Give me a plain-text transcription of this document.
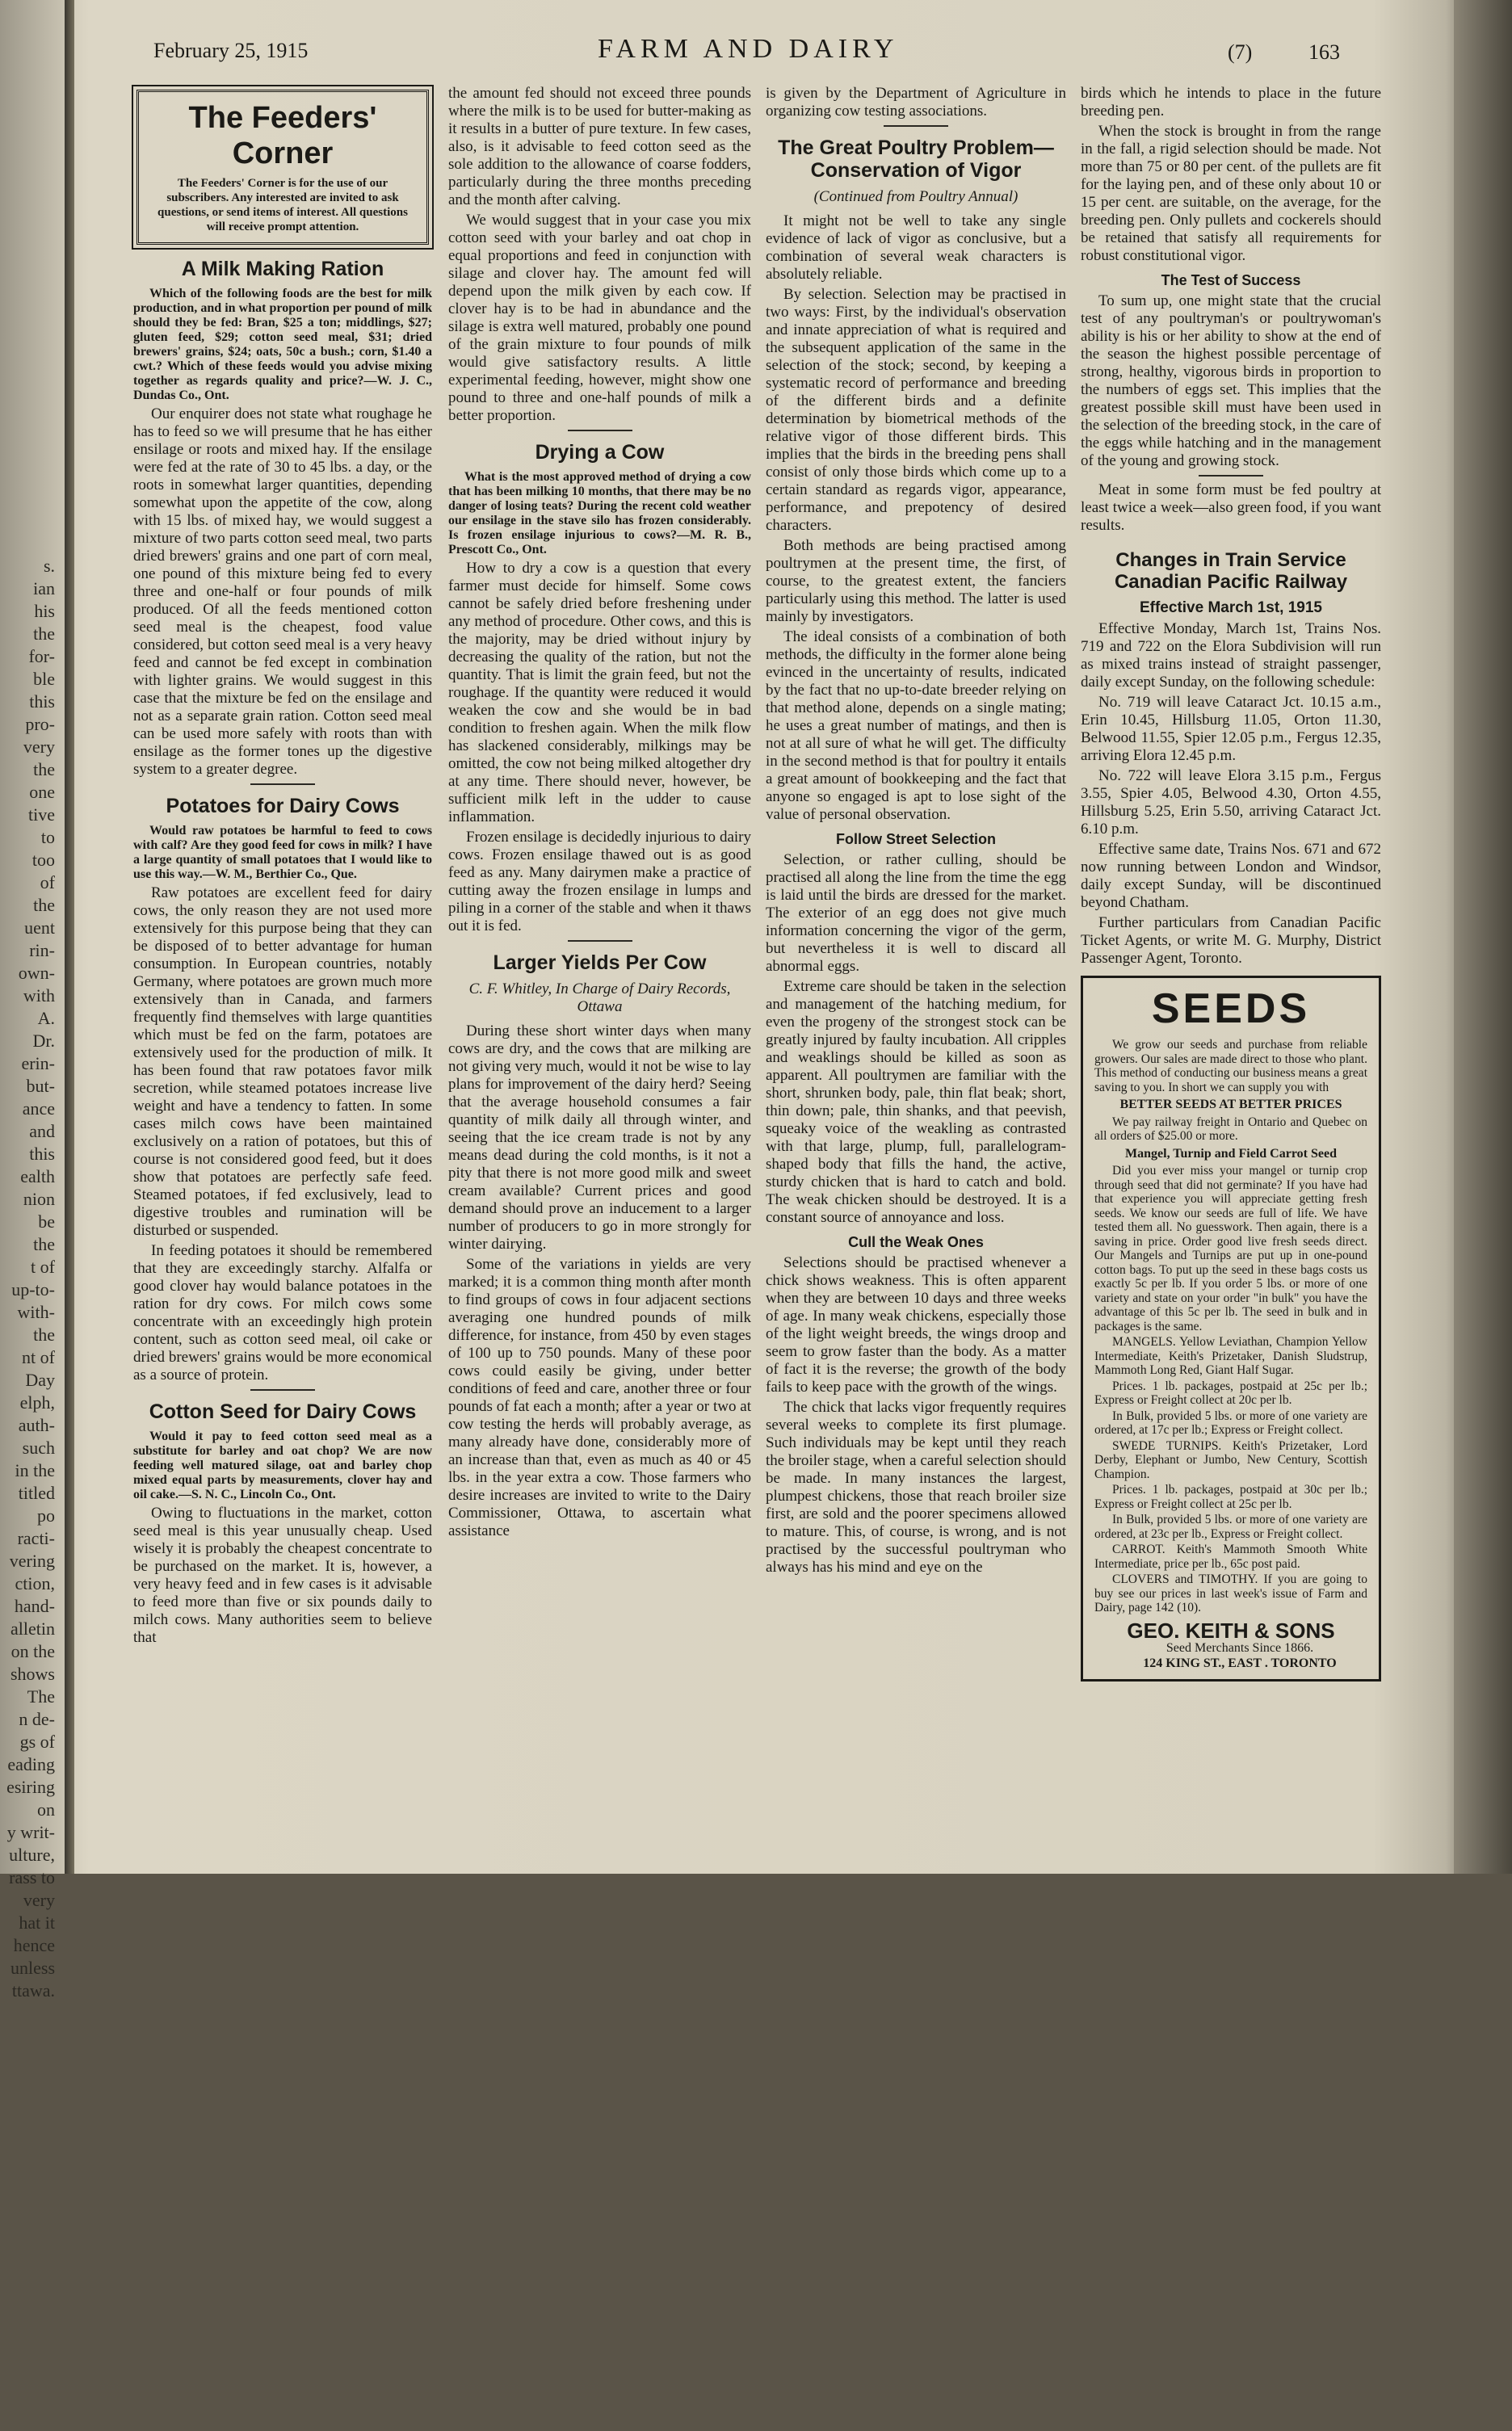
s.

ian

his

the

for-

ble

this

pro-

very

the

one

tive

to

too

of

the

uent

rin-

own-

with

A.

Dr.

erin-

but-

ance

and

this

ealth

nion

be

the

t of

up-to-

with-

the

nt of

Day

elph,

auth-

such

in the

titled

po

racti-

vering

ction,

hand-

alletin

on the

shows

The

n de-

gs of

eading

esiring

on

y writ-

ulture,

rass to

very

hat it

hence

unless

ttawa.

February 25, 1915	FARM AND DAIRY	(7)	163
The Feeders' Corner
The Feeders' Corner is for the use of our subscribers. Any interested are invited to ask questions, or send items of interest. All questions will receive prompt attention.
A Milk Making Ration

Which of the following foods are the best for milk production, and in what proportion per pound of milk should they be fed: Bran, $25 a ton; middlings, $27; gluten feed, $29; cotton seed meal, $31; dried brewers' grains, $24; oats, 50c a bush.; corn, $1.40 a cwt.? Which of these feeds would you advise mixing together as regards quality and price?—W. J. C., Dundas Co., Ont.

Our enquirer does not state what roughage he has to feed so we will presume that he has either ensilage or roots and mixed hay. If the ensilage were fed at the rate of 30 to 45 lbs. a day, or the roots in somewhat larger quantities, depending somewhat upon the appetite of the cow, along with 15 lbs. of mixed hay, we would suggest a mixture of two parts cotton seed meal, two parts dried brewers' grains and one part of corn meal, one pound of this mixture being fed to every three and one-half or four pounds of milk produced. Of all the feeds mentioned cotton seed meal is the cheapest, food value considered, but cotton seed meal is a very heavy feed and cannot be fed except in combination with lighter grains. We would suggest in this case that the mixture be fed on the ensilage and not as a separate grain ration. Cotton seed meal can be used more safely with roots than with ensilage as the former tones up the digestive system to a greater degree.

Potatoes for Dairy Cows

Would raw potatoes be harmful to feed to cows with calf? Are they good feed for cows in milk? I have a large quantity of small potatoes that I would like to use this way.—W. M., Berthier Co., Que.

Raw potatoes are excellent feed for dairy cows, the only reason they are not used more extensively for this purpose being that they can be disposed of to better advantage for human consumption. In European countries, notably Germany, where potatoes are grown much more extensively than in Canada, and farmers frequently find themselves with large quantities which must be fed on the farm, potatoes are extensively used for the production of milk. It has been found that raw potatoes favor milk secretion, while steamed potatoes increase live weight and have a tendency to fatten. In some cases milch cows have been maintained exclusively on a ration of potatoes, but this of course is not considered good feed, but it does show that potatoes are perfectly safe feed. Steamed potatoes, if fed exclusively, lead to digestive troubles and rumination will be disturbed or suspended.

In feeding potatoes it should be remembered that they are exceedingly starchy. Alfalfa or good clover hay would balance potatoes in the ration for dry cows. For milch cows some concentrate with an exceedingly high protein content, such as cotton seed meal, oil cake or dried brewers' grains would be more economical as a source of protein.

Cotton Seed for Dairy Cows

Would it pay to feed cotton seed meal as a substitute for barley and oat chop? We are now feeding well matured silage, oat and barley chop mixed equal parts by measurements, clover hay and oil cake.—S. N. C., Lincoln Co., Ont.

Owing to fluctuations in the market, cotton seed meal is this year unusually cheap. Used wisely it is probably the cheapest concentrate to be purchased on the market. It is, however, a very heavy feed and in few cases is it advisable to feed more than five or six pounds daily to milch cows. Many authorities seem to believe that

the amount fed should not exceed three pounds where the milk is to be used for butter-making as it results in a butter of pure texture. In few cases, also, is it advisable to feed cotton seed as the sole addition to the allowance of coarse fodders, particularly during the three months preceding and the month after calving.

We would suggest that in your case you mix cotton seed with your barley and oat chop in equal proportions and feed in conjunction with silage and clover hay. The amount fed will depend upon the milk given by each cow. If clover hay is to be had in abundance and the silage is extra well matured, probably one pound of the grain mixture to four pounds of milk would give satisfactory results. A little experimental feeding, however, might show one pound to three and one-half pounds of milk a better proportion.

Drying a Cow

What is the most approved method of drying a cow that has been milking 10 months, that there may be no danger of losing teats? During the recent cold weather our ensilage in the stave silo has frozen considerably. Is frozen ensilage injurious to cows?—M. R. B., Prescott Co., Ont.

How to dry a cow is a question that every farmer must decide for himself. Some cows cannot be safely dried before freshening under any method of procedure. Other cows, and this is the majority, may be dried without injury by decreasing the quality of the ration, but not the quantity. That is limit the grain feed, but not the roughage. If the quantity were reduced it would weaken the cow and she would be in bad condition to freshen again. When the milk flow has slackened considerably, milkings may be omitted, the cow not being milked altogether dry at any time. There should never, however, be sufficient milk left in the udder to cause inflammation.

Frozen ensilage is decidedly injurious to dairy cows. Frozen ensilage thawed out is as good feed as any. Many dairymen make a practice of cutting away the frozen ensilage in lumps and piling in a corner of the stable and when it thaws out it is fed.

Larger Yields Per Cow
C. F. Whitley, In Charge of Dairy Records, Ottawa

During these short winter days when many cows are dry, and the cows that are milking are not giving very much, would it not be wise to lay plans for improvement of the dairy herd? Seeing that the average household consumes a fair quantity of milk daily all through winter, and seeing that the ice cream trade is not by any means dead during the cold months, is it not a pity that there is not more good milk and sweet cream available? Current prices and good demand should prove an inducement to a larger number of producers to go in more strongly for winter dairying.

Some of the variations in yields are very marked; it is a common thing month after month to find groups of cows in four adjacent sections averaging one hundred pounds of milk difference, for instance, from 450 by even stages of 100 up to 750 pounds. Many of these poor cows could easily be giving, under better conditions of feed and care, another three or four pounds of fat each a month; after a year or two at cow testing the herds will probably average, as many already have done, considerably more of an increase than that, even as much as 40 or 45 lbs. in the year extra a cow. Those farmers who desire increases are invited to write to the Dairy Commissioner, Ottawa, to ascertain what assistance

is given by the Department of Agriculture in organizing cow testing associations.

The Great Poultry Problem—Conservation of Vigor
(Continued from Poultry Annual)

It might not be well to take any single evidence of lack of vigor as conclusive, but a combination of several weak characters is absolutely reliable.

By selection. Selection may be practised in two ways: First, by the individual's observation and innate appreciation of what is required and the subsequent application of the same in the selection of the stock; second, by keeping a systematic record of performance and breeding of the different birds and a definite determination by biometrical methods of the relative vigor of those different birds. This implies that the birds in the breeding pens shall consist of only those birds which come up to a certain standard as regards vigor, appearance, performance, and prepotency of desired characters.

Both methods are being practised among poultrymen at the present time, the first, of course, to the greatest extent, the fanciers particularly using this method. The latter is used mainly by investigators.

The ideal consists of a combination of both methods, the difficulty in the former alone being evinced in the uncertainty of results, indicated by the fact that no up-to-date breeder relying on that method alone, depends on a single mating; he uses a great number of matings, and then is not at all sure of what he will get. The difficulty in the second method is that for poultry it entails a great amount of bookkeeping and the fact that anyone so engaged is apt to lose sight of the value of personal observation.

Follow Street Selection

Selection, or rather culling, should be practised all along the line from the time the egg is laid until the birds are dressed for the market. The exterior of an egg does not give much information concerning the vigor of the germ, but nevertheless it is well to discard all abnormal eggs.

Extreme care should be taken in the selection and management of the hatching medium, for even the progeny of the strongest stock can be greatly injured by faulty incubation. All cripples and weaklings should be killed as soon as apparent. All poultrymen are familiar with the short, shrunken body, pale, thin flat beak; short, thin down; pale, thin shanks, and that peevish, squeaky voice of the weakling as contrasted with that large, plump, full, parallelogram-shaped body that fills the hand, the active, sturdy chicken that is hard to catch and bold. The weak chicken should be destroyed. It is a constant source of annoyance and loss.

Cull the Weak Ones

Selections should be practised whenever a chick shows weakness. This is often apparent when they are between 10 days and three weeks of age. In many weak chickens, especially those of the light weight breeds, the wings droop and seem to grow faster than the body. As a matter of fact it is the reverse; the growth of the body fails to keep pace with the growth of the wings.

The chick that lacks vigor frequently requires several weeks to complete its first plumage. Such individuals may be kept until they reach the broiler stage, when a careful selection should be made. In many instances the largest, plumpest chickens, those that reach broiler size first, are sold and the poorer specimens allowed to mature. This, of course, is wrong, and is not practised by the successful poultryman who always has his mind and eye on the

birds which he intends to place in the future breeding pen.

When the stock is brought in from the range in the fall, a rigid selection should be made. Not more than 75 or 80 per cent. of the pullets are fit for the laying pen, and of these only about 10 or 15 per cent. are suitable, on the average, for the breeding pen. Only pullets and cockerels should be retained that satisfy all requirements for robust constitutional vigor.

The Test of Success

To sum up, one might state that the crucial test of any poultryman's or poultrywoman's ability is his or her ability to show at the end of the season the highest possible percentage of strong, healthy, vigorous birds in proportion to the numbers of eggs set. This implies that the greatest possible skill must have been used in the selection of the breeding stock, in the care of the eggs while hatching and in the management of the young and growing stock.

Meat in some form must be fed poultry at least twice a week—also green food, if you want results.

Changes in Train Service Canadian Pacific Railway
Effective March 1st, 1915

Effective Monday, March 1st, Trains Nos. 719 and 722 on the Elora Subdivision will run as mixed trains instead of straight passenger, daily except Sunday, on the following schedule:

No. 719 will leave Cataract Jct. 10.15 a.m., Erin 10.45, Hillsburg 11.05, Orton 11.30, Belwood 11.55, Spier 12.05 p.m., Fergus 12.35, arriving Elora 12.45 p.m.

No. 722 will leave Elora 3.15 p.m., Fergus 3.55, Spier 4.05, Belwood 4.30, Orton 4.55, Hillsburg 5.25, Erin 5.50, arriving Cataract Jct. 6.10 p.m.

Effective same date, Trains Nos. 671 and 672 now running between London and Windsor, daily except Sunday, will be discontinued beyond Chatham.

Further particulars from Canadian Pacific Ticket Agents, or write M. G. Murphy, District Passenger Agent, Toronto.

SEEDS

We grow our seeds and purchase from reliable growers. Our sales are made direct to those who plant. This method of conducting our business means a great saving to you. In short we can supply you with

BETTER SEEDS AT BETTER PRICES

We pay railway freight in Ontario and Quebec on all orders of $25.00 or more.

Mangel, Turnip and Field Carrot Seed

Did you ever miss your mangel or turnip crop through seed that did not germinate? If you have had that experience you will appreciate getting fresh seeds. We know our seeds are full of life. We have tested them all. No guesswork. Then again, there is a saving in price. Order good live fresh seeds direct. Our Mangels and Turnips are put up in one-pound cotton bags. To put up the seed in these bags costs us exactly 5c per lb. If you order 5 lbs. or more of one variety and state on your order "in bulk" you have the advantage of this 5c per lb. The seed in bulk and in packages is the same.

MANGELS. Yellow Leviathan, Champion Yellow Intermediate, Keith's Prizetaker, Danish Sludstrup, Mammoth Long Red, Giant Half Sugar.

Prices. 1 lb. packages, postpaid at 25c per lb.; Express or Freight collect at 20c per lb.

In Bulk, provided 5 lbs. or more of one variety are ordered, at 17c per lb.; Express or Freight collect.

SWEDE TURNIPS. Keith's Prizetaker, Lord Derby, Elephant or Jumbo, New Century, Scottish Champion.

Prices. 1 lb. packages, postpaid at 30c per lb.; Express or Freight collect at 25c per lb.

In Bulk, provided 5 lbs. or more of one variety are ordered, at 23c per lb., Express or Freight collect.

CARROT. Keith's Mammoth Smooth White Intermediate, price per lb., 65c post paid.

CLOVERS and TIMOTHY. If you are going to buy see our prices in last week's issue of Farm and Dairy, page 142 (10).

GEO. KEITH & SONS

Seed Merchants Since 1866.

124 KING ST., EAST . TORONTO
